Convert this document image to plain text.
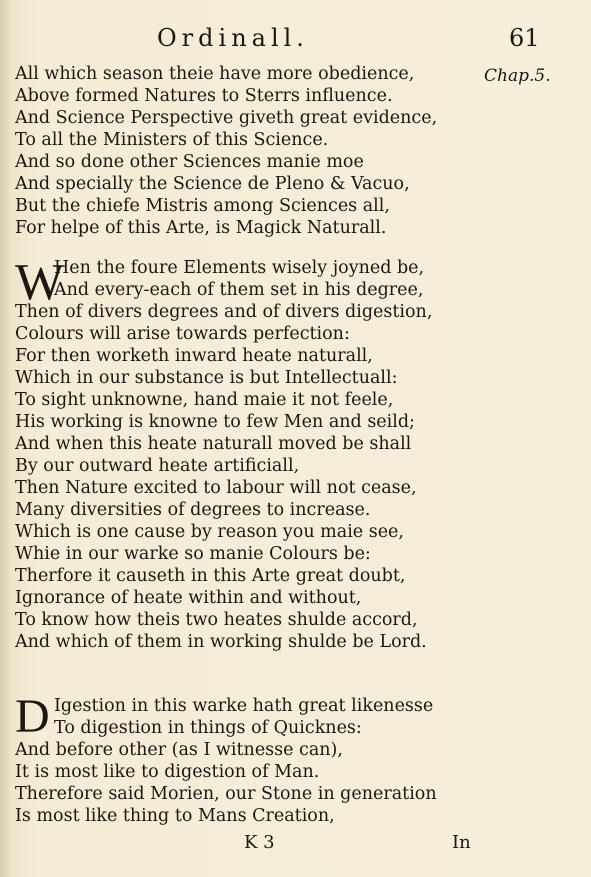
Ordinall.	61
Chap.5.
All which season theie have more obedience,
Above formed Natures to Sterrs influence.
And Science Perspective giveth great evidence,
To all the Ministers of this Science.
And so done other Sciences manie moe
And specially the Science de Pleno & Vacuo,
But the chiefe Mistris among Sciences all,
For helpe of this Arte, is Magick Naturall.
W
Hen the foure Elements wisely joyned be,
And every-each of them set in his degree,
Then of divers degrees and of divers digestion,
Colours will arise towards perfection:
For then worketh inward heate naturall,
Which in our substance is but Intellectuall:
To sight unknowne, hand maie it not feele,
His working is knowne to few Men and seild;
And when this heate naturall moved be shall
By our outward heate artificiall,
Then Nature excited to labour will not cease,
Many diversities of degrees to increase.
Which is one cause by reason you maie see,
Whie in our warke so manie Colours be:
Therfore it causeth in this Arte great doubt,
Ignorance of heate within and without,
To know how theis two heates shulde accord,
And which of them in working shulde be Lord.
D Igestion in this warke hath great likenesse
To digestion in things of Quicknes:
And before other (as I witnesse can),
It is most like to digestion of Man.
Therefore said Morien, our Stone in generation
Is most like thing to Mans Creation,
K 3	In
